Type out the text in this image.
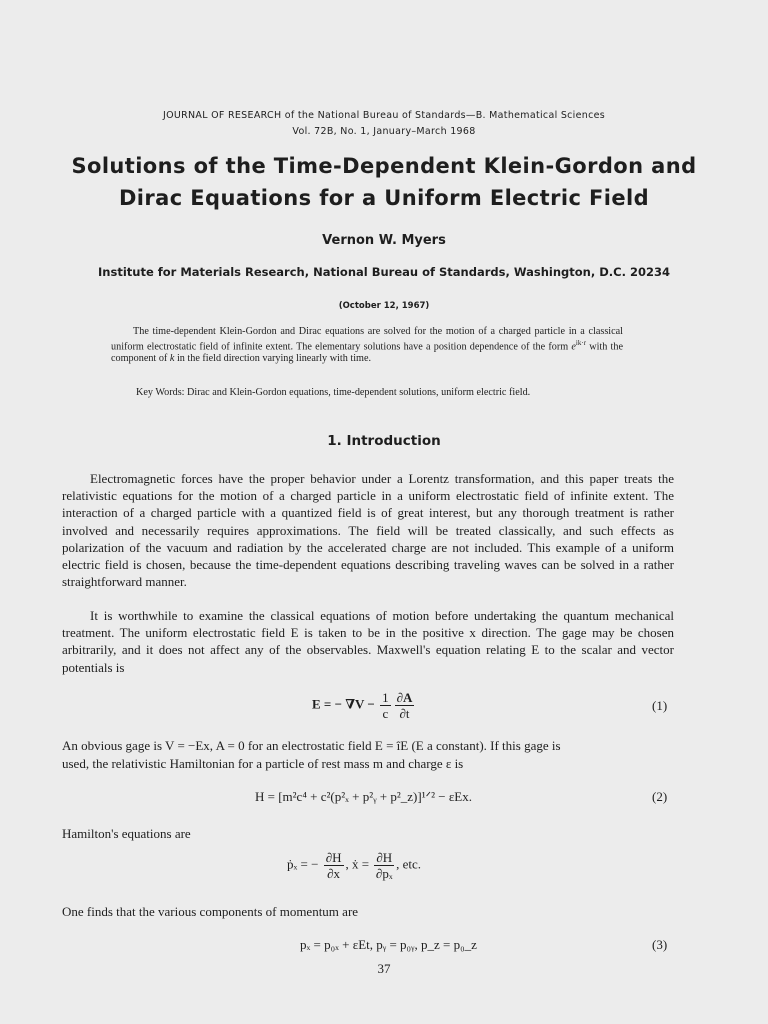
JOURNAL OF RESEARCH of the National Bureau of Standards—B. Mathematical Sciences
Vol. 72B, No. 1, January–March 1968
Solutions of the Time-Dependent Klein-Gordon and
Dirac Equations for a Uniform Electric Field
Vernon W. Myers
Institute for Materials Research, National Bureau of Standards, Washington, D.C. 20234
(October 12, 1967)

The time-dependent Klein-Gordon and Dirac equations are solved for the motion of a charged particle in a classical uniform electrostatic field of infinite extent. The elementary solutions have a position dependence of the form $e^{ik\cdot r}$ with the component of k in the field direction varying linearly with time.

Key Words: Dirac and Klein-Gordon equations, time-dependent solutions, uniform electric field.
1. Introduction

Electromagnetic forces have the proper behavior under a Lorentz transformation, and this paper treats the relativistic equations for the motion of a charged particle in a uniform electrostatic field of infinite extent. The interaction of a charged particle with a quantized field is of great interest, but any thorough treatment is rather involved and necessarily requires approximations. The field will be treated classically, and such effects as polarization of the vacuum and radiation by the accelerated charge are not included. This example of a uniform electric field is chosen, because the time-dependent equations describing traveling waves can be solved in a rather straightforward manner.

It is worthwhile to examine the classical equations of motion before undertaking the quantum mechanical treatment. The uniform electrostatic field E is taken to be in the positive x direction. The gage may be chosen arbitrarily, and it does not affect any of the observables. Maxwell's equation relating E to the scalar and vector potentials is

E = − $\nabla V - \frac{1}{c} \frac{\partial A}{\partial t}$	(1)
An obvious gage is V = −Ex, A = 0 for an electrostatic field E = îE (E a constant). If this gage is
used, the relativistic Hamiltonian for a particle of rest mass m and charge ε is
H = [m²c⁴ + c²(p²ₓ + p²ᵧ + p²_z)]¹ᐟ² − εEx.	(2)
Hamilton's equations are
ṗₓ = − $\frac{\partial H}{\partial x}$ , ẋ = $\frac{\partial H}{\text{∂pₓ}}$ , etc.
One finds that the various components of momentum are
pₓ = p₀ₓ + εEt, pᵧ = p₀ᵧ, p_z = p₀_z	(3)
37
